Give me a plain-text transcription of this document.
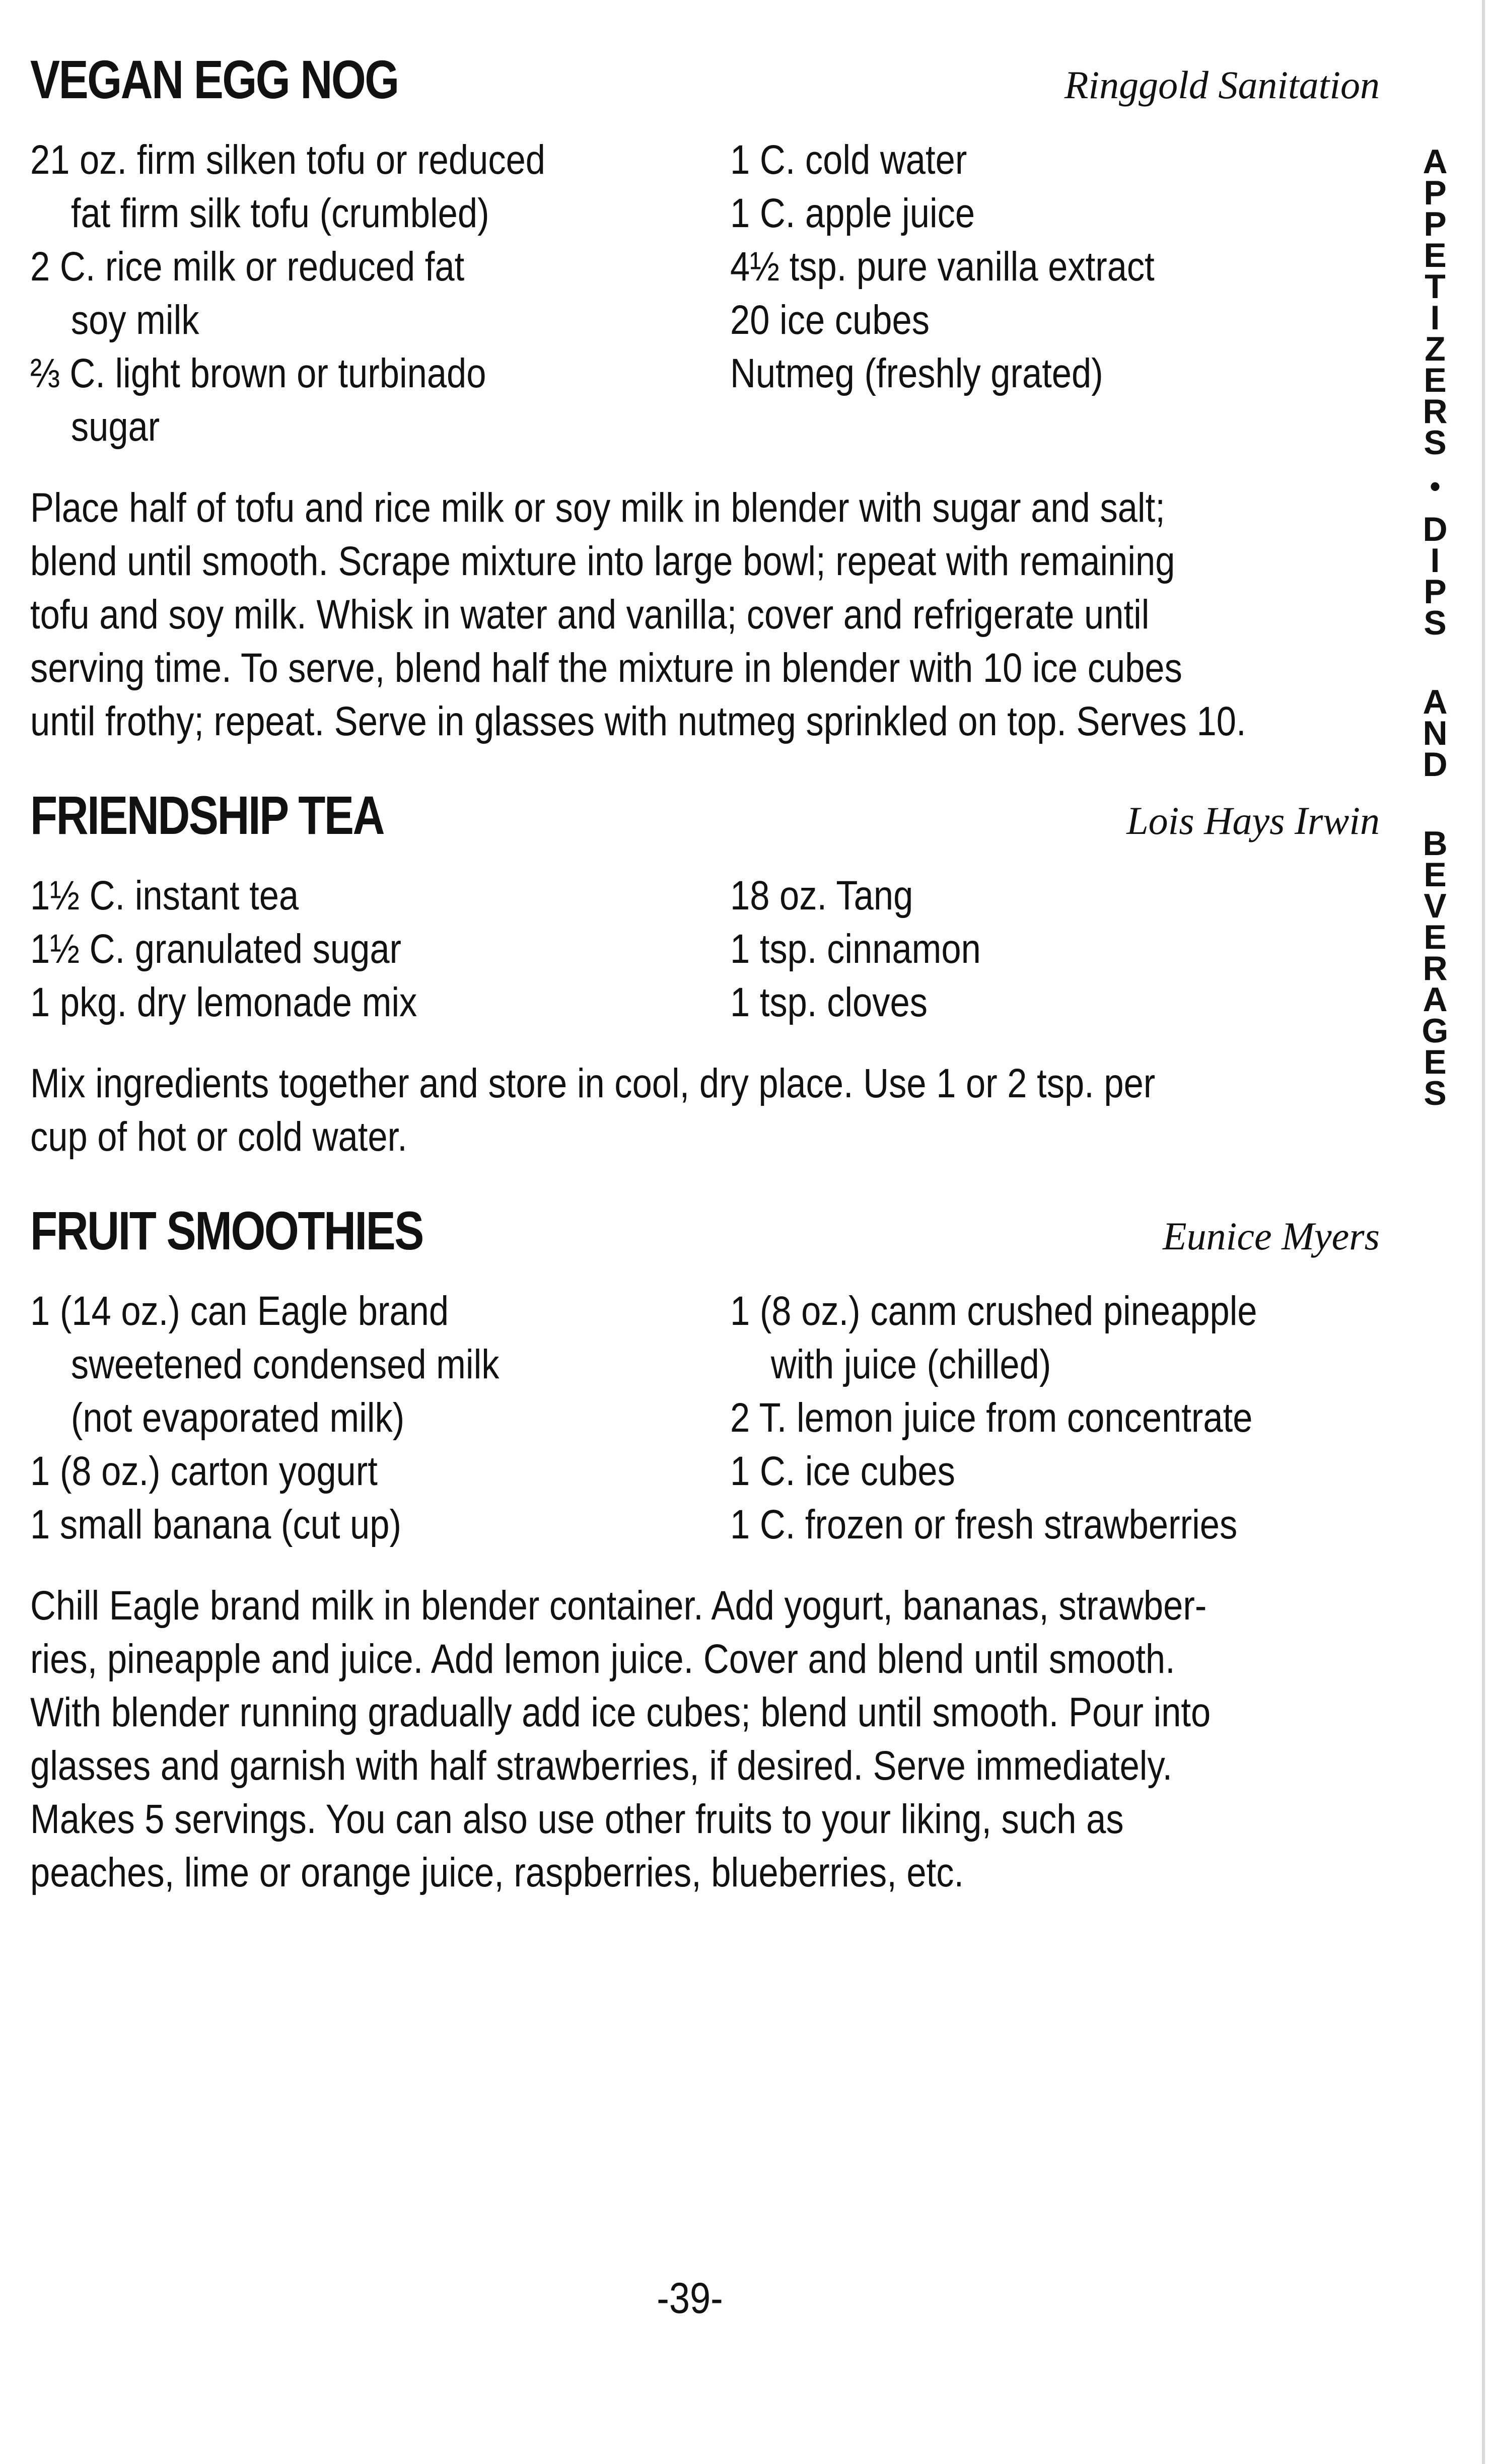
VEGAN EGG NOG	Ringgold Sanitation
21 oz. firm silken tofu or reduced
fat firm silk tofu (crumbled)
2 C. rice milk or reduced fat
soy milk
⅔ C. light brown or turbinado
sugar
1 C. cold water
1 C. apple juice
4½ tsp. pure vanilla extract
20 ice cubes
Nutmeg (freshly grated)

Place half of tofu and rice milk or soy milk in blender with sugar and salt;
blend until smooth. Scrape mixture into large bowl; repeat with remaining
tofu and soy milk. Whisk in water and vanilla; cover and refrigerate until
serving time. To serve, blend half the mixture in blender with 10 ice cubes
until frothy; repeat. Serve in glasses with nutmeg sprinkled on top. Serves 10.

FRIENDSHIP TEA	Lois Hays Irwin
1½ C. instant tea
1½ C. granulated sugar
1 pkg. dry lemonade mix
18 oz. Tang
1 tsp. cinnamon
1 tsp. cloves

Mix ingredients together and store in cool, dry place. Use 1 or 2 tsp. per
cup of hot or cold water.

FRUIT SMOOTHIES	Eunice Myers
1 (14 oz.) can Eagle brand
sweetened condensed milk
(not evaporated milk)
1 (8 oz.) carton yogurt
1 small banana (cut up)
1 (8 oz.) canm crushed pineapple
with juice (chilled)
2 T. lemon juice from concentrate
1 C. ice cubes
1 C. frozen or fresh strawberries

Chill Eagle brand milk in blender container. Add yogurt, bananas, strawber-
ries, pineapple and juice. Add lemon juice. Cover and blend until smooth.
With blender running gradually add ice cubes; blend until smooth. Pour into
glasses and garnish with half strawberries, if desired. Serve immediately.
Makes 5 servings. You can also use other fruits to your liking, such as
peaches, lime or orange juice, raspberries, blueberries, etc.

-39-
A
P
P
E
T
I
Z
E
R
S
•
D
I
P
S
A
N
D
B
E
V
E
R
A
G
E
S
